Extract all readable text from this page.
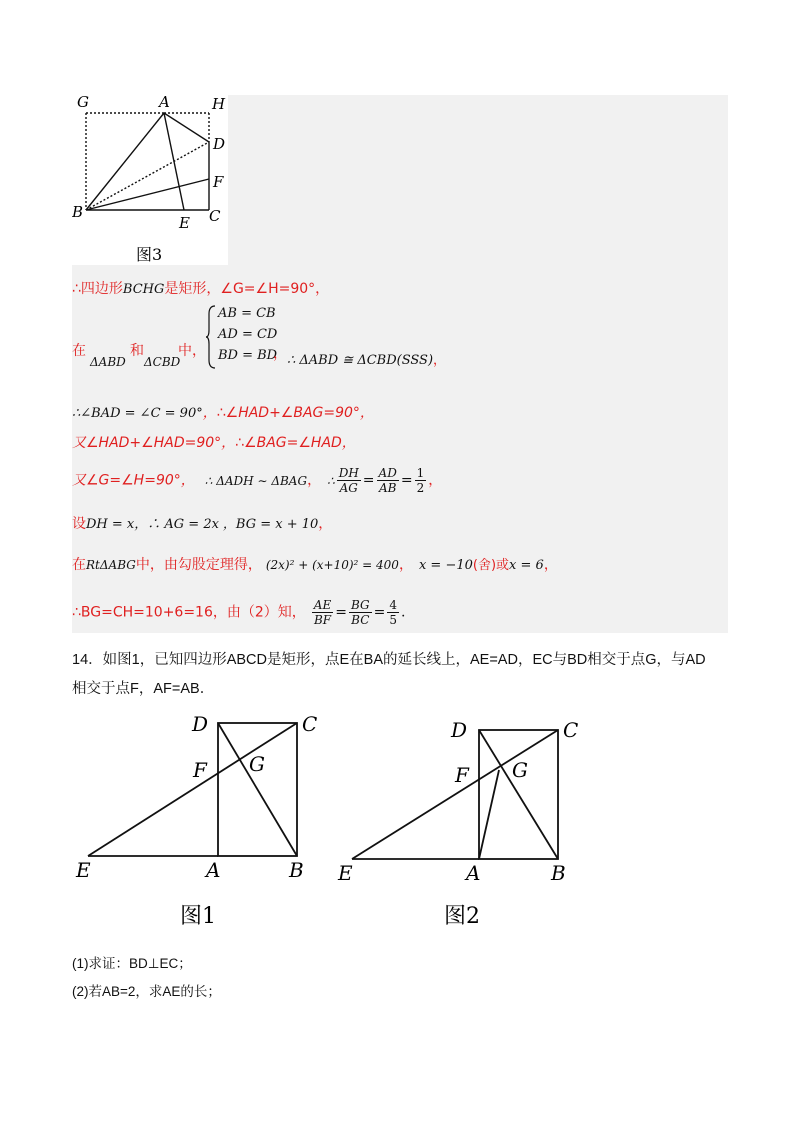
G	A	H
D
F
B
E C
图3
∴四边形BCHG是矩形，∠G=∠H=90°，
在
ΔABD
和
ΔCBD
中，
AB = CB
AD = CD
BD = BD
， ∴ ΔABD ≅ ΔCBD(SSS)，
∴∠BAD = ∠C = 90°，∴∠HAD+∠BAG=90°，
又∠HAD+∠HAD=90°，∴∠BAG=∠HAD，
又∠G=∠H=90°， ∴ ΔADH ∼ ΔBAG， ∴ $\frac{DH}{AG} = \frac{AD}{AB} = \frac{1}{2}$ ，
设DH = x，∴ AG = 2x ，BG = x + 10，
在RtΔABG中，由勾股定理得， (2x)² + (x+10)² = 400， x = −10(舍)或x = 6，
∴BG=CH=10+6=16，由（2）知， $\frac{AE}{BF} = \frac{BG}{BC} = \frac{4}{5}$ .
14．如图1，已知四边形ABCD是矩形，点E在BA的延长线上，AE=AD，EC与BD相交于点G，与AD
相交于点F，AF=AB．
D	C
F G
E	A	B
图1
D	C
F G
E	A	B
图2
(1)求证：BD⊥EC；
(2)若AB=2，求AE的长；
